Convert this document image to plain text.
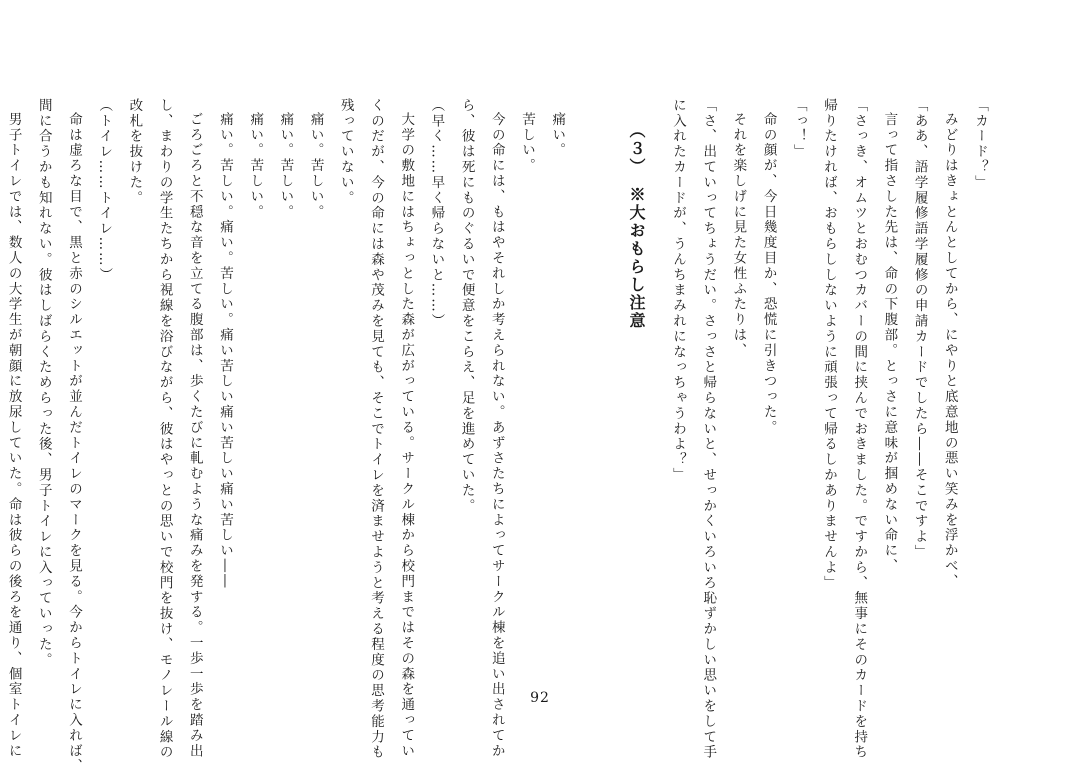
「カード？」
みどりはきょとんとしてから、にやりと底意地の悪い笑みを浮かべ、
「ああ、語学履修語学履修の申請カードでしたら――そこですよ」
言って指さした先は、命の下腹部。とっさに意味が掴めない命に、
「さっき、オムツとおむつカバーの間に挟んでおきました。ですから、無事にそのカードを持ち
帰りたければ、おもらししないように頑張って帰るしかありませんよ」
「っ！」
命の顔が、今日幾度目か、恐慌に引きつった。
それを楽しげに見た女性ふたりは、
「さ、出ていってちょうだい。さっさと帰らないと、せっかくいろいろ恥ずかしい思いをして手
に入れたカードが、うんちまみれになっちゃうわよ？」
痛い。
苦しい。
今の命には、もはやそれしか考えられない。あずさたちによってサークル棟を追い出されてか
ら、彼は死にものぐるいで便意をこらえ、足を進めていた。
（早く……早く帰らないと……）
大学の敷地にはちょっとした森が広がっている。サークル棟から校門まではその森を通ってい
くのだが、今の命には森や茂みを見ても、そこでトイレを済ませようと考える程度の思考能力も
残っていない。
痛い。苦しい。
痛い。苦しい。
痛い。苦しい。
痛い。苦しい。痛い。苦しい。痛い苦しい痛い苦しい痛い苦しい――
ごろごろと不穏な音を立てる腹部は、歩くたびに軋むような痛みを発する。一歩一歩を踏み出
し、まわりの学生たちから視線を浴びながら、彼はやっとの思いで校門を抜け、モノレール線の
改札を抜けた。
（トイレ……トイレ……）
命は虚ろな目で、黒と赤のシルエットが並んだトイレのマークを見る。今からトイレに入れば、
間に合うかも知れない。彼はしばらくためらった後、男子トイレに入っていった。
男子トイレでは、数人の大学生が朝顔に放尿していた。命は彼らの後ろを通り、個室トイレに	（３）　※大おもらし注意
92
